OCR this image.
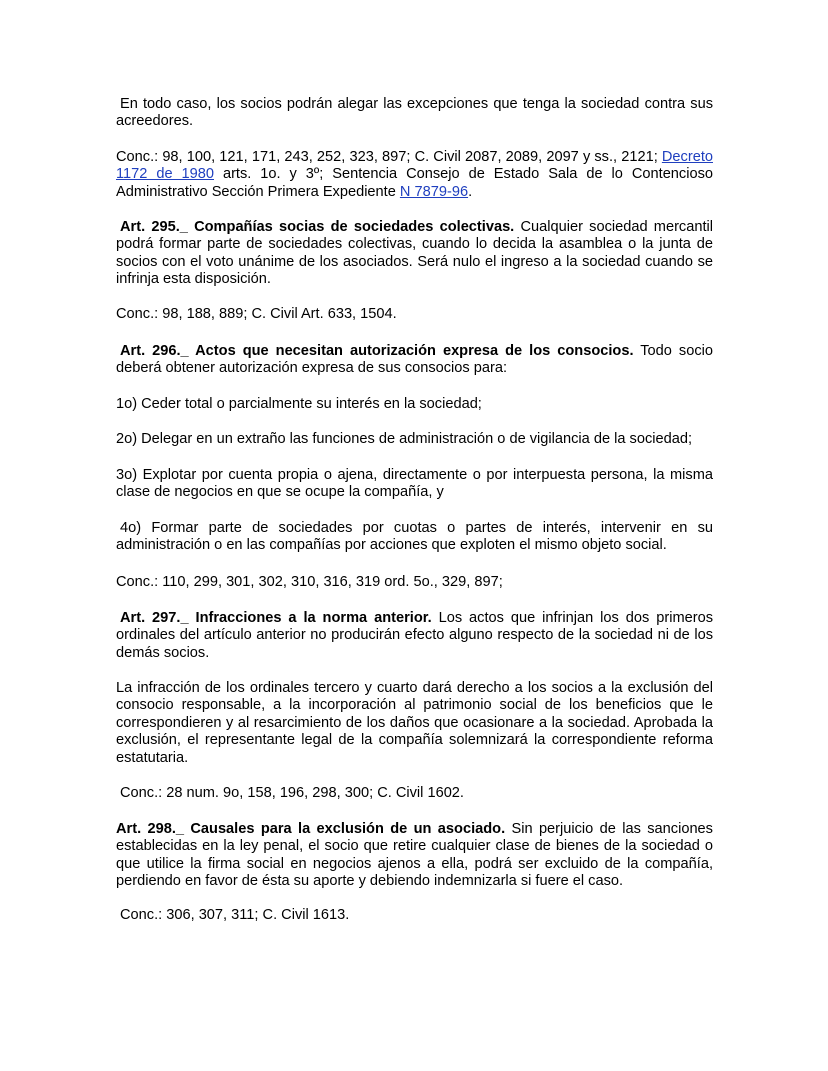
En todo caso, los socios podrán alegar las excepciones que tenga la sociedad contra sus acreedores.

Conc.: 98, 100, 121, 171, 243, 252, 323, 897; C. Civil 2087, 2089, 2097 y ss., 2121; Decreto 1172 de 1980 arts. 1o. y 3º; Sentencia Consejo de Estado Sala de lo Contencioso Administrativo Sección Primera Expediente N 7879-96.

Art. 295._ Compañías socias de sociedades colectivas. Cualquier sociedad mercantil podrá formar parte de sociedades colectivas, cuando lo decida la asamblea o la junta de socios con el voto unánime de los asociados. Será nulo el ingreso a la sociedad cuando se infrinja esta disposición.

Conc.: 98, 188, 889; C. Civil Art. 633, 1504.

Art. 296._ Actos que necesitan autorización expresa de los consocios. Todo socio deberá obtener autorización expresa de sus consocios para:

1o) Ceder total o parcialmente su interés en la sociedad;

2o) Delegar en un extraño las funciones de administración o de vigilancia de la sociedad;

3o) Explotar por cuenta propia o ajena, directamente o por interpuesta persona, la misma clase de negocios en que se ocupe la compañía, y

4o) Formar parte de sociedades por cuotas o partes de interés, intervenir en su administración o en las compañías por acciones que exploten el mismo objeto social.

Conc.: 110, 299, 301, 302, 310, 316, 319 ord. 5o., 329, 897;

Art. 297._ Infracciones a la norma anterior. Los actos que infrinjan los dos primeros ordinales del artículo anterior no producirán efecto alguno respecto de la sociedad ni de los demás socios.

La infracción de los ordinales tercero y cuarto dará derecho a los socios a la exclusión del consocio responsable, a la incorporación al patrimonio social de los beneficios que le correspondieren y al resarcimiento de los daños que ocasionare a la sociedad. Aprobada la exclusión, el representante legal de la compañía solemnizará la correspondiente reforma estatutaria.

Conc.: 28 num. 9o, 158, 196, 298, 300; C. Civil 1602.

Art. 298._ Causales para la exclusión de un asociado. Sin perjuicio de las sanciones establecidas en la ley penal, el socio que retire cualquier clase de bienes de la sociedad o que utilice la firma social en negocios ajenos a ella, podrá ser excluido de la compañía, perdiendo en favor de ésta su aporte y debiendo indemnizarla si fuere el caso.

Conc.: 306, 307, 311; C. Civil 1613.
